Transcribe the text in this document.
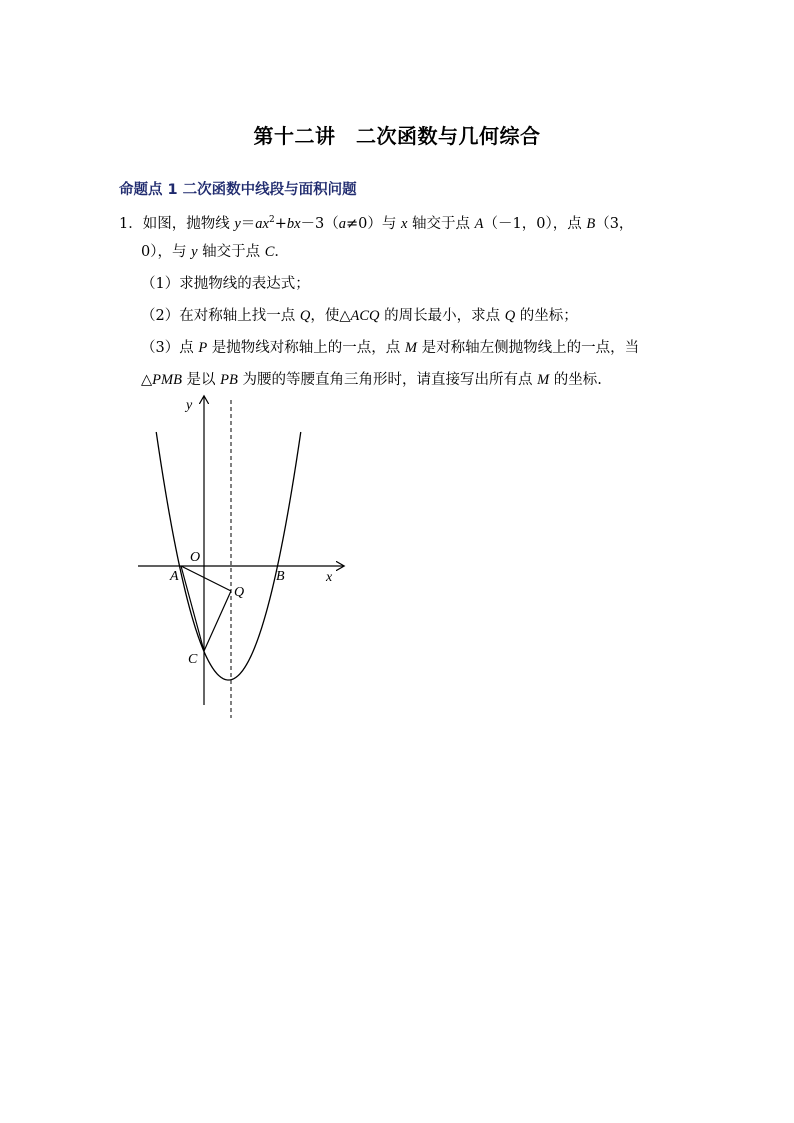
第十二讲　二次函数与几何综合
命题点 1 二次函数中线段与面积问题
1．如图，抛物线 $y=ax^2+bx-3(a\ne 0)$与 x 轴交于点 A（－1，0），点 B（3，
0），与 y 轴交于点 C．
（1）求抛物线的表达式；
（2）在对称轴上找一点 Q，使△ACQ 的周长最小，求点 Q 的坐标；
（3）点 P 是抛物线对称轴上的一点，点 M 是对称轴左侧抛物线上的一点，当
△PMB 是以 PB 为腰的等腰直角三角形时，请直接写出所有点 M 的坐标.
y
x
O
A	B
Q
C
